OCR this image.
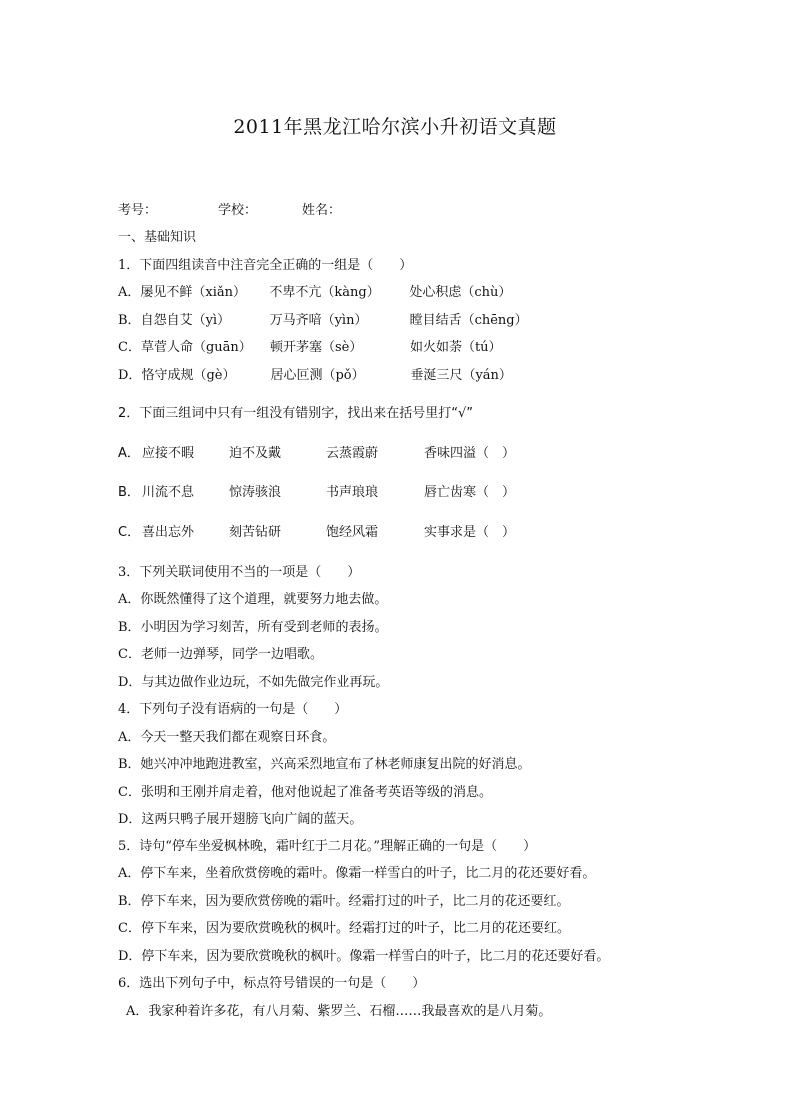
2011年黑龙江哈尔滨小升初语文真题
考号：	学校：	姓名：
一、基础知识
1．下面四组读音中注音完全正确的一组是（　　）
A．屡见不鲜（xiǎn） 不卑不亢（kàng） 处心积虑（chù）
B．自怨自艾（yì）	万马齐喑（yìn）	瞠目结舌（chēng）
C．草菅人命（guān） 顿开茅塞（sè）	如火如荼（tú）
D．恪守成规（gè）	居心叵测（pǒ）	垂涎三尺（yán）
2．下面三组词中只有一组没有错别字，找出来在括号里打“√”
A． 应接不暇	迫不及戴	云蒸霞蔚	香味四溢（　）
B． 川流不息	惊涛骇浪	书声琅琅	唇亡齿寒（　）
C． 喜出忘外	刻苦钻研	饱经风霜	实事求是（　）
3．下列关联词使用不当的一项是（　　）
A．你既然懂得了这个道理，就要努力地去做。
B．小明因为学习刻苦，所有受到老师的表扬。
C．老师一边弹琴，同学一边唱歌。
D．与其边做作业边玩，不如先做完作业再玩。
4．下列句子没有语病的一句是（　　）
A．今天一整天我们都在观察日环食。
B．她兴冲冲地跑进教室，兴高采烈地宣布了林老师康复出院的好消息。
C．张明和王刚并肩走着，他对他说起了准备考英语等级的消息。
D．这两只鸭子展开翅膀飞向广阔的蓝天。
5．诗句“停车坐爱枫林晚，霜叶红于二月花。”理解正确的一句是（　　）
A．停下车来，坐着欣赏傍晚的霜叶。像霜一样雪白的叶子，比二月的花还要好看。
B．停下车来，因为要欣赏傍晚的霜叶。经霜打过的叶子，比二月的花还要红。
C．停下车来，因为要欣赏晚秋的枫叶。经霜打过的叶子，比二月的花还要红。
D．停下车来，因为要欣赏晚秋的枫叶。像霜一样雪白的叶子，比二月的花还要好看。
6．选出下列句子中，标点符号错误的一句是（　　）
A．我家种着许多花，有八月菊、紫罗兰、石榴……我最喜欢的是八月菊。
